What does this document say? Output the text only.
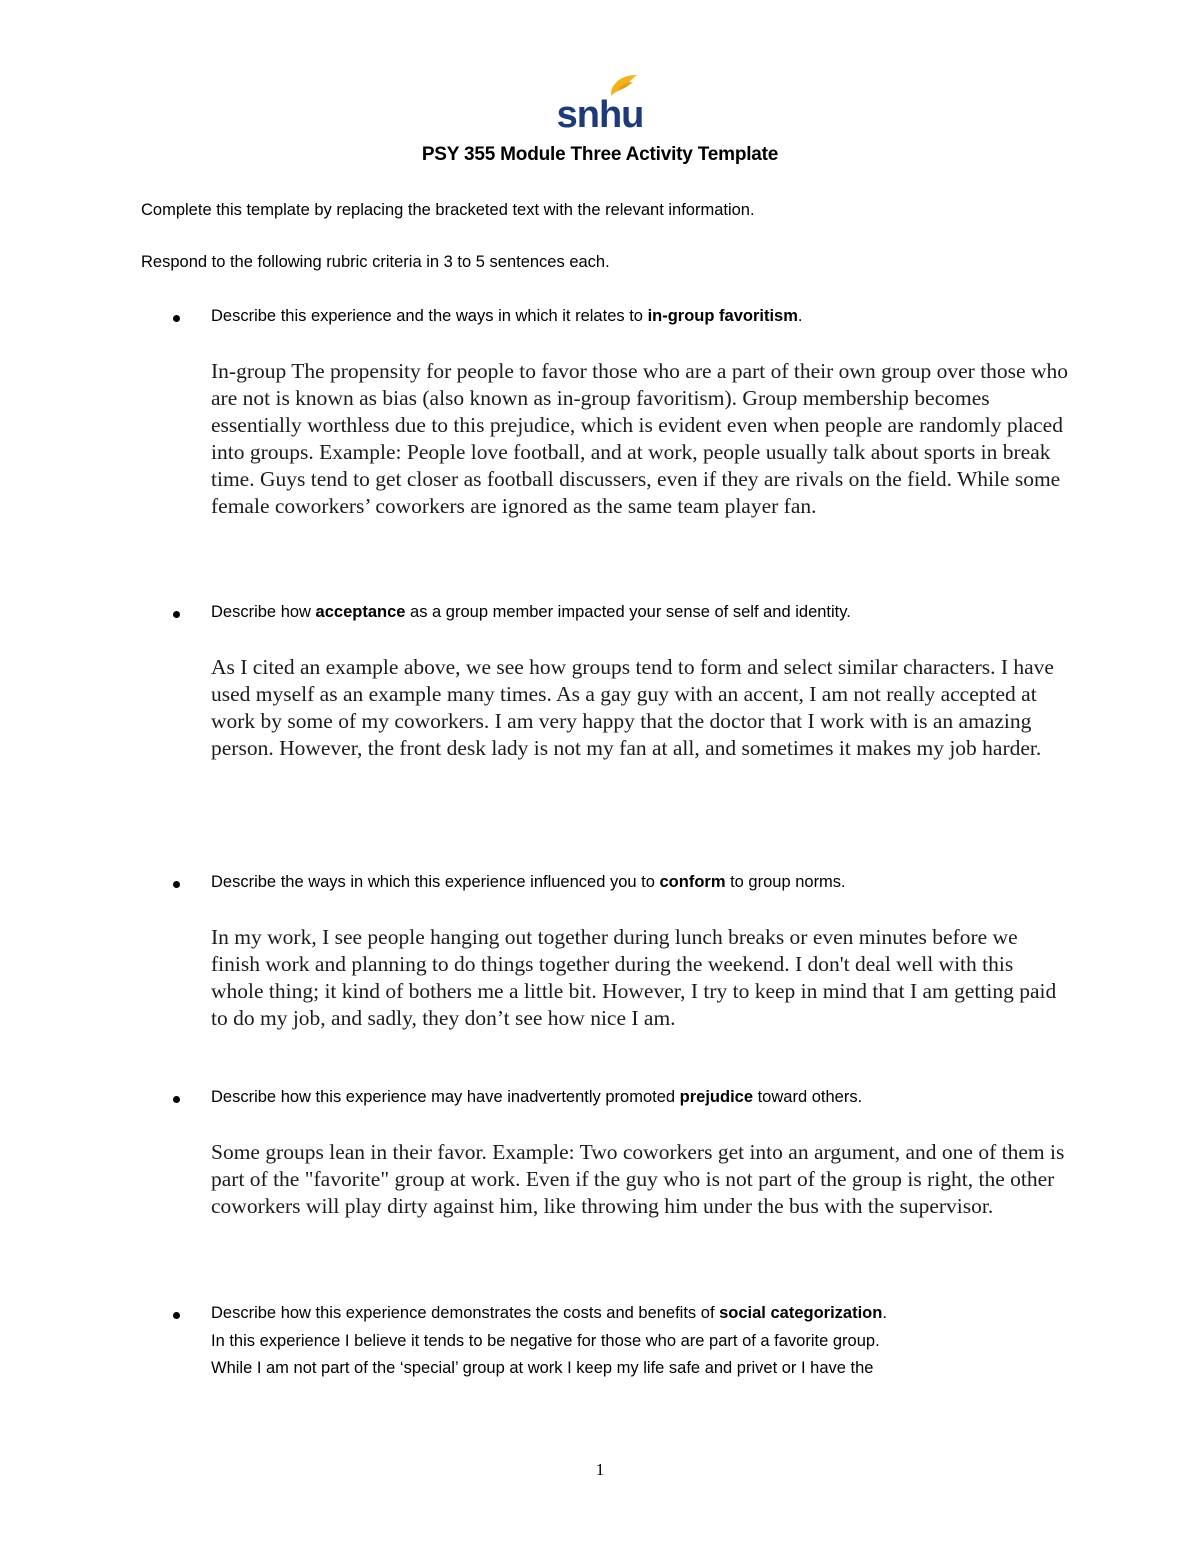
snhu
PSY 355 Module Three Activity Template
Complete this template by replacing the bracketed text with the relevant information.
Respond to the following rubric criteria in 3 to 5 sentences each.
Describe this experience and the ways in which it relates to in-group favoritism.
In-group The propensity for people to favor those who are a part of their own group over those who are not is known as bias (also known as in-group favoritism). Group membership becomes essentially worthless due to this prejudice, which is evident even when people are randomly placed into groups. Example: People love football, and at work, people usually talk about sports in break time. Guys tend to get closer as football discussers, even if they are rivals on the field. While some female coworkers’ coworkers are ignored as the same team player fan.
Describe how acceptance as a group member impacted your sense of self and identity.
As I cited an example above, we see how groups tend to form and select similar characters. I have used myself as an example many times. As a gay guy with an accent, I am not really accepted at work by some of my coworkers. I am very happy that the doctor that I work with is an amazing person. However, the front desk lady is not my fan at all, and sometimes it makes my job harder.
Describe the ways in which this experience influenced you to conform to group norms.
In my work, I see people hanging out together during lunch breaks or even minutes before we finish work and planning to do things together during the weekend. I don't deal well with this whole thing; it kind of bothers me a little bit. However, I try to keep in mind that I am getting paid to do my job, and sadly, they don’t see how nice I am.
Describe how this experience may have inadvertently promoted prejudice toward others.
Some groups lean in their favor. Example: Two coworkers get into an argument, and one of them is part of the "favorite" group at work. Even if the guy who is not part of the group is right, the other coworkers will play dirty against him, like throwing him under the bus with the supervisor.
Describe how this experience demonstrates the costs and benefits of social categorization.
In this experience I believe it tends to be negative for those who are part of a favorite group.
While I am not part of the ‘special’ group at work I keep my life safe and privet or I have the
1
